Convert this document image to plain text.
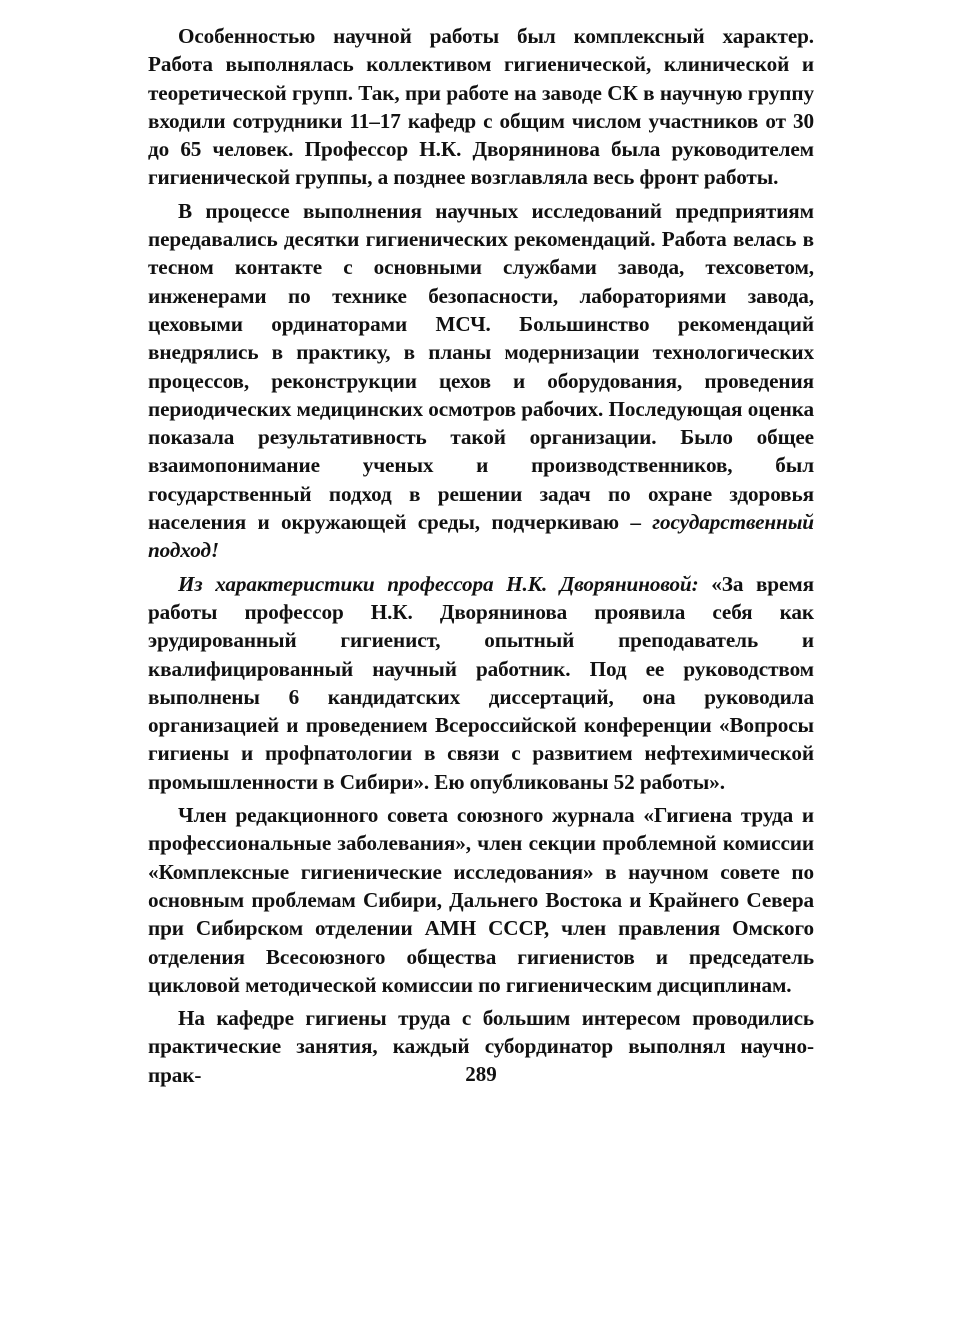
Особенностью научной работы был комплексный характер. Работа выполнялась коллективом гигиенической, клинической и теоретической групп. Так, при работе на заводе СК в научную группу входили сотрудники 11–17 кафедр с общим числом участников от 30 до 65 человек. Профессор Н.К. Дворянинова была руководителем гигиенической группы, а позднее возглавляла весь фронт работы.

В процессе выполнения научных исследований предприятиям передавались десятки гигиенических рекомендаций. Работа велась в тесном контакте с основными службами завода, техсоветом, инженерами по технике безопасности, лабораториями завода, цеховыми ординаторами МСЧ. Большинство рекомендаций внедрялись в практику, в планы модернизации технологических процессов, реконструкции цехов и оборудования, проведения периодических медицинских осмотров рабочих. Последующая оценка показала результативность такой организации. Было общее взаимопонимание ученых и производственников, был государственный подход в решении задач по охране здоровья населения и окружающей среды, подчеркиваю – государственный подход!

Из характеристики профессора Н.К. Дворяниновой: «За время работы профессор Н.К. Дворянинова проявила себя как эрудированный гигиенист, опытный преподаватель и квалифицированный научный работник. Под ее руководством выполнены 6 кандидатских диссертаций, она руководила организацией и проведением Всероссийской конференции «Вопросы гигиены и профпатологии в связи с развитием нефтехимической промышленности в Сибири». Ею опубликованы 52 работы».

Член редакционного совета союзного журнала «Гигиена труда и профессиональные заболевания», член секции проблемной комиссии «Комплексные гигиенические исследования» в научном совете по основным проблемам Сибири, Дальнего Востока и Крайнего Севера при Сибирском отделении АМН СССР, член правления Омского отделения Всесоюзного общества гигиенистов и председатель цикловой методической комиссии по гигиеническим дисциплинам.

На кафедре гигиены труда с большим интересом проводились практические занятия, каждый субординатор выполнял научно-прак-	289
